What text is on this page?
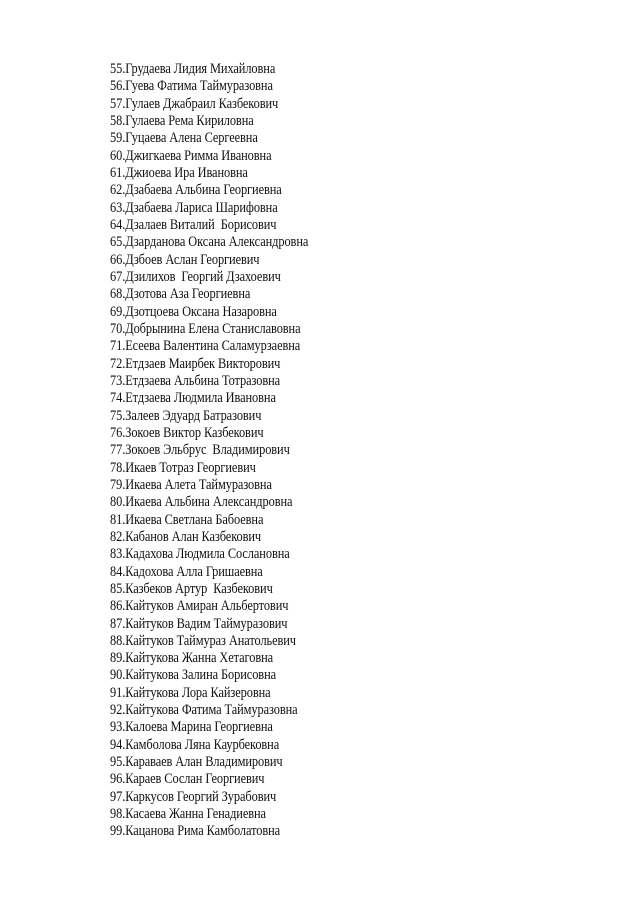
55.Грудаева Лидия Михайловна
56.Гуева Фатима Таймуразовна
57.Гулаев Джабраил Казбекович
58.Гулаева Рема Кириловна
59.Гуцаева Алена Сергеевна
60.Джигкаева Римма Ивановна
61.Джиоева Ира Ивановна
62.Дзабаева Альбина Георгиевна
63.Дзабаева Лариса Шарифовна
64.Дзалаев Виталий  Борисович
65.Дзарданова Оксана Александровна
66.Дзбоев Аслан Георгиевич
67.Дзилихов  Георгий Дзахоевич
68.Дзотова Аза Георгиевна
69.Дзотцоева Оксана Назаровна
70.Добрынина Елена Станиславовна
71.Есеева Валентина Саламурзаевна
72.Етдзаев Маирбек Викторович
73.Етдзаева Альбина Тотразовна
74.Етдзаева Людмила Ивановна
75.Залеев Эдуард Батразович
76.Зокоев Виктор Казбекович
77.Зокоев Эльбрус  Владимирович
78.Икаев Тотраз Георгиевич
79.Икаева Алета Таймуразовна
80.Икаева Альбина Александровна
81.Икаева Светлана Бабоевна
82.Кабанов Алан Казбекович
83.Кадахова Людмила Сослановна
84.Кадохова Алла Гришаевна
85.Казбеков Артур  Казбекович
86.Кайтуков Амиран Альбертович
87.Кайтуков Вадим Таймуразович
88.Кайтуков Таймураз Анатольевич
89.Кайтукова Жанна Хетаговна
90.Кайтукова Залина Борисовна
91.Кайтукова Лора Кайзеровна
92.Кайтукова Фатима Таймуразовна
93.Калоева Марина Георгиевна
94.Камболова Ляна Каурбековна
95.Караваев Алан Владимирович
96.Караев Сослан Георгиевич
97.Каркусов Георгий Зурабович
98.Касаева Жанна Генадиевна
99.Кацанова Рима Камболатовна
